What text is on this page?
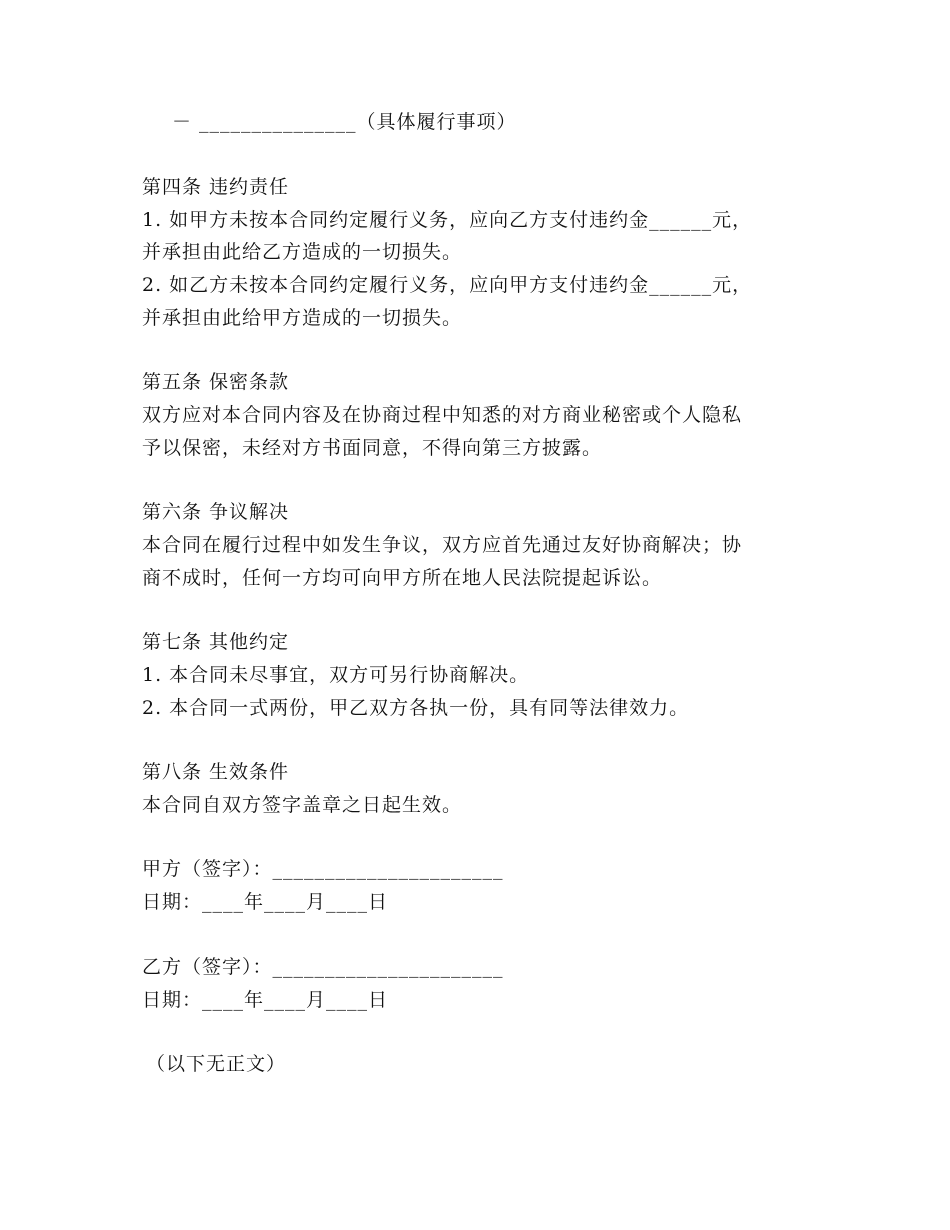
－ _______________（具体履行事项）
第四条 违约责任
1. 如甲方未按本合同约定履行义务，应向乙方支付违约金______元，
并承担由此给乙方造成的一切损失。
2. 如乙方未按本合同约定履行义务，应向甲方支付违约金______元，
并承担由此给甲方造成的一切损失。
第五条 保密条款
双方应对本合同内容及在协商过程中知悉的对方商业秘密或个人隐私
予以保密，未经对方书面同意，不得向第三方披露。
第六条 争议解决
本合同在履行过程中如发生争议，双方应首先通过友好协商解决；协
商不成时，任何一方均可向甲方所在地人民法院提起诉讼。
第七条 其他约定
1. 本合同未尽事宜，双方可另行协商解决。
2. 本合同一式两份，甲乙双方各执一份，具有同等法律效力。
第八条 生效条件
本合同自双方签字盖章之日起生效。
甲方（签字）：______________________
日期：____年____月____日
乙方（签字）：______________________
日期：____年____月____日
（以下无正文）
